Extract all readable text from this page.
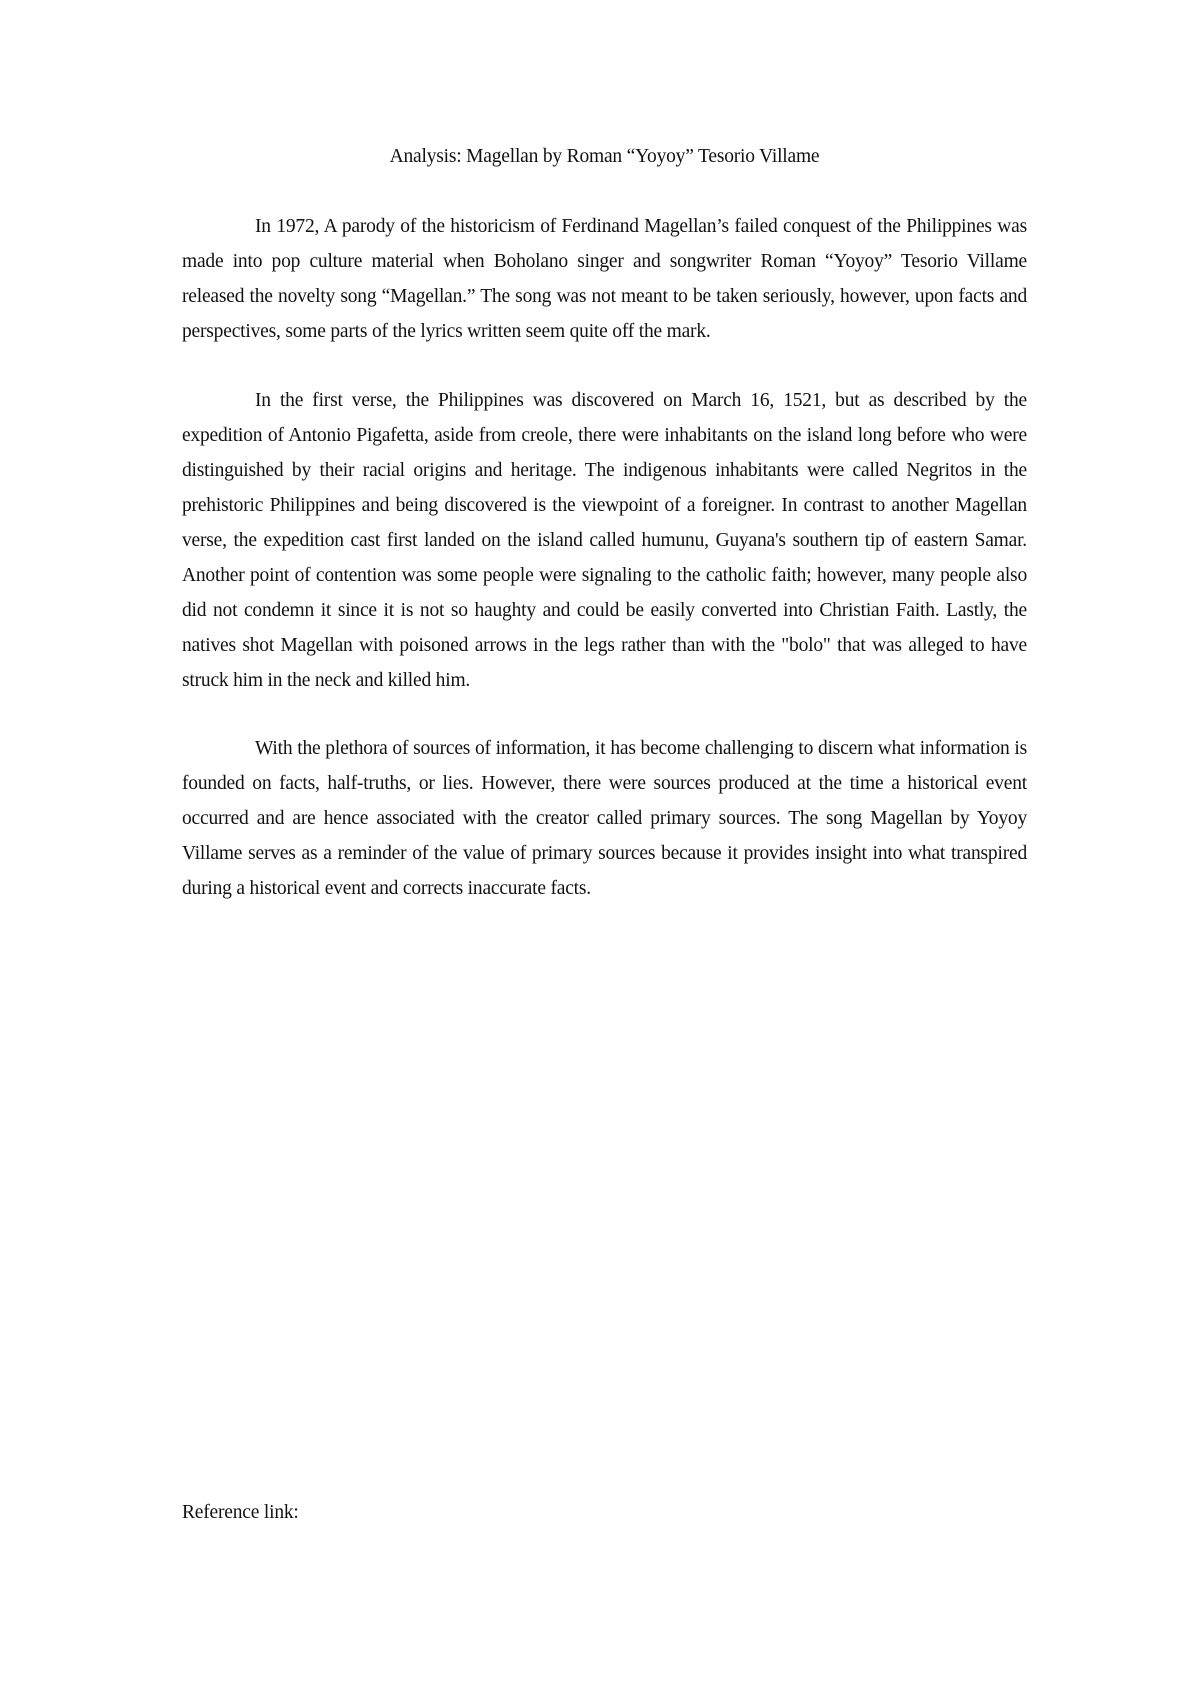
Analysis: Magellan by Roman “Yoyoy” Tesorio Villame

In 1972, A parody of the historicism of Ferdinand Magellan’s failed conquest of the Philippines was made into pop culture material when Boholano singer and songwriter Roman “Yoyoy” Tesorio Villame released the novelty song “Magellan.” The song was not meant to be taken seriously, however, upon facts and perspectives, some parts of the lyrics written seem quite off the mark.

In the first verse, the Philippines was discovered on March 16, 1521, but as described by the expedition of Antonio Pigafetta, aside from creole, there were inhabitants on the island long before who were distinguished by their racial origins and heritage. The indigenous inhabitants were called Negritos in the prehistoric Philippines and being discovered is the viewpoint of a foreigner. In contrast to another Magellan verse, the expedition cast first landed on the island called humunu, Guyana's southern tip of eastern Samar. Another point of contention was some people were signaling to the catholic faith; however, many people also did not condemn it since it is not so haughty and could be easily converted into Christian Faith. Lastly, the natives shot Magellan with poisoned arrows in the legs rather than with the "bolo" that was alleged to have struck him in the neck and killed him.

With the plethora of sources of information, it has become challenging to discern what information is founded on facts, half-truths, or lies. However, there were sources produced at the time a historical event occurred and are hence associated with the creator called primary sources. The song Magellan by Yoyoy Villame serves as a reminder of the value of primary sources because it provides insight into what transpired during a historical event and corrects inaccurate facts.

Reference link:
